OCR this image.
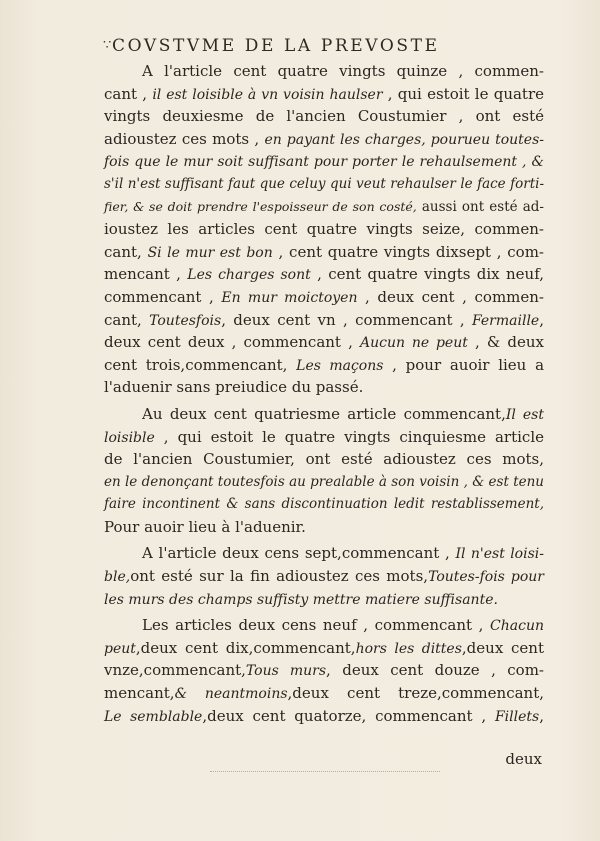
∵ COVSTVME DE LA PREVOSTE
A l'article cent quatre vingts quinze , commen-
cant , il est loisible à vn voisin haulser , qui estoit le quatre
vingts deuxiesme de l'ancien Coustumier , ont esté
adioustez ces mots , en payant les charges, pourueu toutes-
fois que le mur soit suffisant pour porter le rehaulsement , &
s'il n'est suffisant faut que celuy qui veut rehaulser le face forti-
fier, & se doit prendre l'espoisseur de son costé, aussi ont esté ad-
ioustez les articles cent quatre vingts seize, commen-
cant, Si le mur est bon , cent quatre vingts dixsept , com-
mencant , Les charges sont , cent quatre vingts dix neuf,
commencant , En mur moictoyen , deux cent , commen-
cant, Toutesfois, deux cent vn , commencant , Fermaille,
deux cent deux , commencant , Aucun ne peut , & deux
cent trois,commencant, Les maçons , pour auoir lieu a
l'aduenir sans preiudice du passé.
Au deux cent quatriesme article commencant,Il est
loisible , qui estoit le quatre vingts cinquiesme article
de l'ancien Coustumier, ont esté adioustez ces mots,
en le denonçant toutesfois au prealable à son voisin , & est tenu
faire incontinent & sans discontinuation ledit restablissement,
Pour auoir lieu à l'aduenir.
A l'article deux cens sept,commencant , Il n'est loisi-
ble,ont esté sur la fin adioustez ces mots,Toutes-fois pour
les murs des champs suffisty mettre matiere suffisante.
Les articles deux cens neuf , commencant , Chacun
peut,deux cent dix,commencant,hors les dittes,deux cent
vnze,commencant,Tous murs, deux cent douze , com-
mencant,& neantmoins,deux cent treze,commencant,
Le semblable,deux cent quatorze, commencant , Fillets,
deux
